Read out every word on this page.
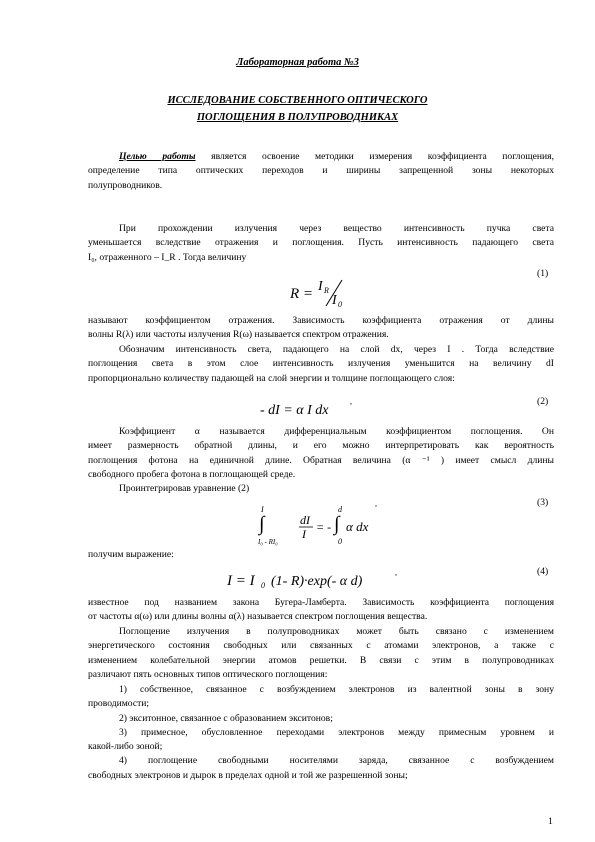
Лабораторная работа №3
ИССЛЕДОВАНИЕ СОБСТВЕННОГО ОПТИЧЕСКОГО
ПОГЛОЩЕНИЯ В ПОЛУПРОВОДНИКАХ
Целью работы является освоение методики измерения коэффициента поглощения,
определение типа оптических переходов и ширины запрещенной зоны некоторых
полупроводников.
При прохождении излучения через вещество интенсивность пучка света
уменьшается вследствие отражения и поглощения. Пусть интенсивность падающего света
I₀, отраженного – I_R . Тогда величину
(1)
R = I R
I 0
называют коэффициентом отражения. Зависимость коэффициента отражения от длины
волны R(λ) или частоты излучения R(ω) называется спектром отражения.
Обозначим интенсивность света, падающего на слой dx, через I . Тогда вследствие
поглощения света в этом слое интенсивность излучения уменьшится на величину dI
пропорционально количеству падающей на слой энергии и толщине поглощающего слоя:
(2)
- dI = α I dx
,
Коэффициент α называется дифференциальным коэффициентом поглощения. Он
имеет размерность обратной длины, и его можно интерпретировать как вероятность
поглощения фотона на единичной длине. Обратная величина (α ⁻¹ ) имеет смысл длины
свободного пробега фотона в поглощающей среде.
Проинтегрировав уравнение (2)
(3)
I
∫
I₀ - RI₀
dI
I = -
d
∫
0
α dx
,
получим выражение:
(4)
I = I 0 (1- R)·exp(- α d)
,
известное под названием закона Бугера-Ламберта. Зависимость коэффициента поглощения
от частоты α(ω) или длины волны α(λ) называется спектром поглощения вещества.
Поглощение излучения в полупроводниках может быть связано с изменением
энергетического состояния свободных или связанных с атомами электронов, а также с
изменением колебательной энергии атомов решетки. В связи с этим в полупроводниках
различают пять основных типов оптического поглощения:
1) собственное, связанное с возбуждением электронов из валентной зоны в зону
проводимости;
2) экситонное, связанное с образованием экситонов;
3) примесное, обусловленное переходами электронов между примесным уровнем и
какой-либо зоной;
4) поглощение свободными носителями заряда, связанное с возбуждением
свободных электронов и дырок в пределах одной и той же разрешенной зоны;
1
